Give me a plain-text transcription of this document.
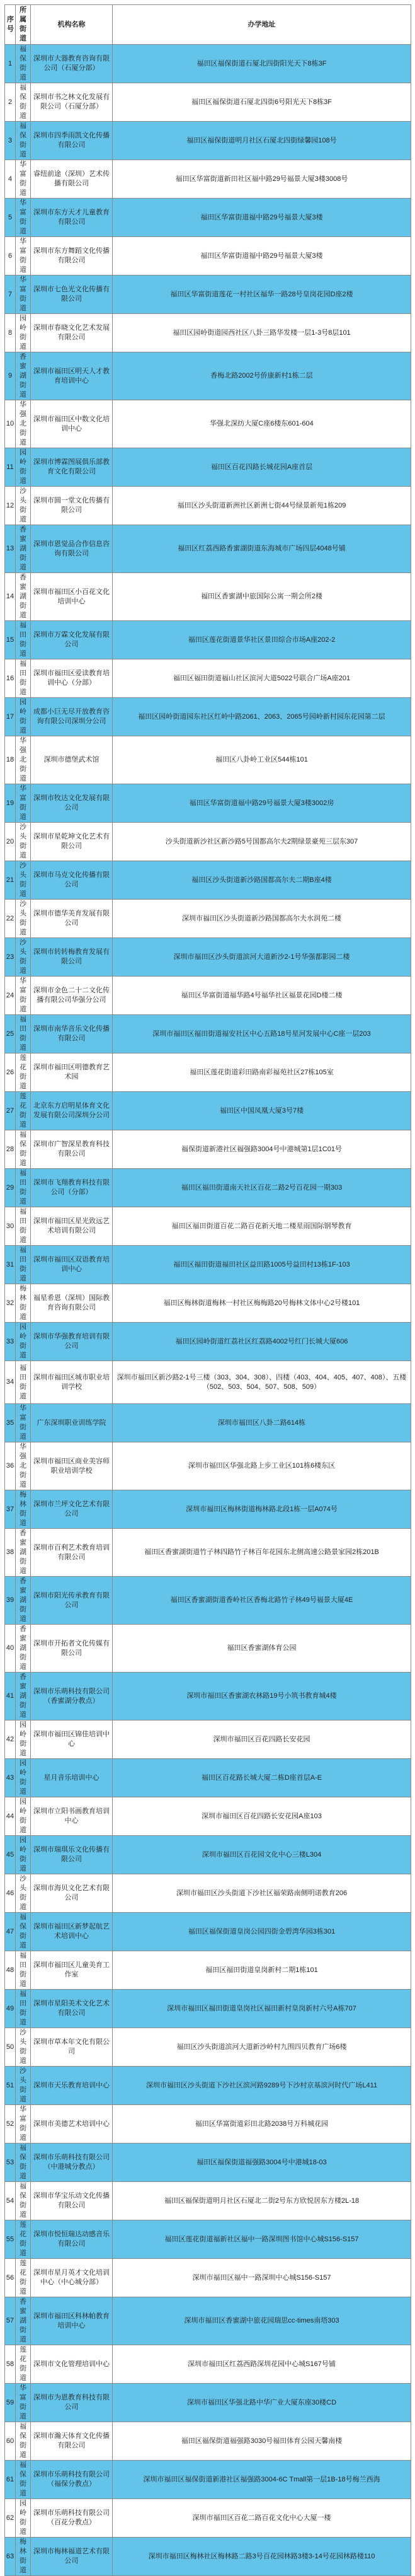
序号	所属街道	机构名称	办学地址
1	福保街道	深圳市大器教育咨询有限公司（石厦分部）	福田区福保街道石厦北四街阳光天下8栋3F
2	福保街道	深圳市书之林文化发展有限公司（石厦分部）	福田区福保街道石厦北四街6号阳光天下8栋3F
3	福保街道	深圳市四季雨凯文化传播有限公司	福田区福保街道明月社区石厦北四街绿馨园108号
4	华富街道	睿纽前途（深圳）艺术传播有限公司	福田区华富街道新田社区福中路29号福景大厦3楼3008号
5	华富街道	深圳市东方天才儿童教育有限公司	福田区华富街道福中路29号福景大厦3楼
6	华富街道	深圳市东方舞蹈文化传播有限公司	福田区华富街道福中路29号福景大厦3楼
7	华富街道	深圳市七色光文化传播有限公司	福田区华富街道莲花一村社区福华一路28号皇岗花园D座2楼
8	园岭街道	深圳市春晓文化艺术发展有限公司	福田区园岭街道园西社区八卦三路华发楼一层1-3号8层101
9	香蜜湖街道	深圳市福田区明天人才教育培训中心	香梅北路2002号侨康新村1栋二层
10	华强北街道	深圳市福田区中数文化培训中心	华强北深纺大厦C座6楼东601-604
11	园岭街道	深圳市博霖图展俱乐部教育文化有限公司	福田区百花四路长城花园A座首层
12	沙头街道	深圳市圆一堂文化传播有限公司	福田区沙头街道新洲社区新洲七街44号绿景新苑1栋209
13	香蜜湖街道	深圳市恩觉品合作信息咨询有限公司	福田区红荔西路香蜜湖街道东海城市广场四层4048号铺
14	香蜜湖街道	深圳市福田区小百花文化培训中心	福田区香蜜湖中旅国际公寓一期会所2楼
15	福田街道	深圳市万霖文化发展有限公司	福田区莲花街道景华社区景田综合市场A座202-2
16	福田街道	深圳市福田区爱读教育培训中心（分部）	福田区福田街道福山社区滨河大道5022号联合广场A座201
17	园岭街道	成都小巨无尽开放教育咨询有限公司深圳分公司	福田区园岭街道园东社区红岭中路2061、2063、2065号园岭新村园东花园第二层
18	华强北街道	深圳市德堡武术馆	福田区八卦岭工业区544栋101
19	华富街道	深圳市牧达文化发展有限公司	福田区华富街道福中路29号福景大厦3楼3002房
20	沙头街道	深圳市星乾坤文化艺术有限公司	沙头街道新沙社区新沙路5号国都高尔夫2期绿景豪苑三层东307
21	沙头街道	深圳市马克文化传播有限公司	福田区沙头街道新沙路国都高尔夫二期B座4楼
22	沙头街道	深圳市德华美育发展有限公司	深圳市福田区沙头街道新沙路国都高尔夫水润苑二楼
23	沙头街道	深圳市转转梅教育发展有限公司	深圳市福田区沙头街道滨河大道新沙2-1号华强都影园二楼
24	华富街道	深圳市金色二十二文化传播有限公司华强分公司	福田区华富街道福华路4号福华社区福景花园D楼二楼
25	福田街道	深圳市南华音乐文化传播有限公司	深圳市福田区福田街道福安社区中心五路18号星河发展中心C座一层203
26	莲花街道	深圳市福田区明德教育艺术园	福田区莲花街道彩田路南彩福苑社区27栋105室
27	莲花街道	北京东方启明星体育文化发展有限公司深圳分公司	福田区中国凤凰大厦3号7楼
28	福保街道	深圳市广智深星教育科技有限公司	福保街道新港社区福强路3004号中港城第1层1C01号
29	福田街道	深圳市飞翔教育科技有限公司（分部）	福田区福田街道南天社区百花二路2号百花园一期303
30	福田街道	深圳市福田区星光致远艺术培训有限公司	福田区福田街道百花二路百花新天地二楼星雨国际钢琴教育
31	福田街道	深圳市福田区双语教育培训中心	福田区福田街道福田社区益田路1005号益田村13栋1F-103
32	梅林街道	福星希恩（深圳）国际教育咨询有限公司	福田区梅林街道梅林一村社区梅梅路20号梅林文体中心2号楼101
33	园岭街道	深圳市华强教育培训有限公司	福田区园岭街道红荔社区红荔路4002号红门长城大厦606
34	福田街道	深圳市福田区城市职业培训学校	深圳市福田区新沙路2-1号三楼（303、304、308）、四楼（403、404、405、407、408）、五楼（502、503、504、507、508、509）
35	华富街道	广东深圳职业训练学院	深圳市福田区八卦二路614栋
36	华强北街道	深圳市福田区商业美容师职业培训学校	深圳市福田区华强北路上步工业区101栋6楼东区
37	梅林街道	深圳市兰坪文化艺术有限公司	深圳市福田区梅林街道梅林路北段1栋一层A074号
38	香蜜湖街道	深圳市百利艺术教育培训有限公司	福田区香蜜湖街道竹子林四路竹子林百年花园东北侧高速公路景家园2栋201B
39	香蜜湖街道	深圳市阳光传承教育有限公司	福田区香蜜湖街道香岭社区香梅北路竹子林49号福景大厦4E
40	香蜜湖街道	深圳市开拓者文化传媒有限公司	福田区香蜜湖体育公园
41	香蜜湖街道	深圳市乐萌科技有限公司（香蜜湖分教点）	深圳市福田区香蜜湖农林路19号小筑书教育城4楼
42	园岭街道	深圳市福田区锦佳培训中心	深圳市福田区百花四路长安花园
43	园岭街道	星月音乐培训中心	福田区百花路长城大厦二栋D座首层A-E
44	园岭街道	深圳市立阳书画教育培训中心	深圳市福田区百花四路长安花园A座103
45	园岭街道	深圳市瑞琪乐文化传播有限公司	深圳市福田区百花园文化中心三楼L304
46	沙头街道	深圳市海贝文化艺术有限公司	深圳市福田区沙头街道下沙社区福荣路南侧明诺教育206
47	福保街道	深圳市福田区新梦起航艺术培训中心	福田区福保街道皇岗公园四街金碧湾华园3栋301
48	福田街道	深圳市福田区儿童美育工作室	福田区福田街道皇岗新村二期1栋101
49	福田街道	深圳市星阳美术文化艺术有限公司	深圳市福田区福田街道皇岗社区福田新村皇岗新村六号A栋707
50	沙头街道	深圳市草本年文化有限公司	福田区沙头街道滨河大道新沙岭村九围四贝教育广场6楼
51	沙头街道	深圳市天乐教育培训中心	深圳市福田区沙头街道下沙社区滨河路9289号下沙村京基滨河时代广场L411
52	华富街道	深圳市美德艺术培训中心	福田区华富街道彩田北路2038号万科城花园
53	福保街道	深圳市乐萌科技有限公司（中港城分教点）	福田区福保街道福强路3004号中港城18-03
54	福保街道	深圳市华宝乐动文化传播有限公司	福田区福保街道明月社区石厦北二街2号东方欣悦居东方楼2L-18
55	莲花街道	深圳市悦恒瑞达动感音乐有限公司	福田区莲花街道福新社区福中一路深圳图书馆中心城S156-S157
56	莲花街道	深圳市星月英才文化培训中心（中心城分部）	深圳市福田区福中一路深圳中心城S156-S157
57	香蜜湖街道	深圳市福田区科林帕教育培训中心	深圳市福田区香蜜湖中旅花园瑞思cc-times南塔303
58	莲花街道	深圳市文化管理培训中心	深圳市福田区红荔西路深圳花园中心城S167号铺
59	华富街道	深圳市为恩教育科技有限公司	深圳市福田区华强北路中华广业大厦东座30楼CD
60	福保街道	深圳市瀚天体育文化传播有限公司	福田区福保街道福强路3030号福田体育公园天馨南楼
61	福保街道	深圳市乐萌科技有限公司（福保分教点）	深圳市福田区福保街道新港社区福强路3004-6C Tmall第一层1B-18号梅兰西海
62	园岭街道	深圳市乐萌科技有限公司（百花分教点）	深圳市福田区百花二路百花文化中心大厦一楼
63	梅林街道	深圳市梅林福道艺术有限公司	深圳市福田区梅林社区梅林路二路3号百花园林路3楼3-14号花园林路楼110
